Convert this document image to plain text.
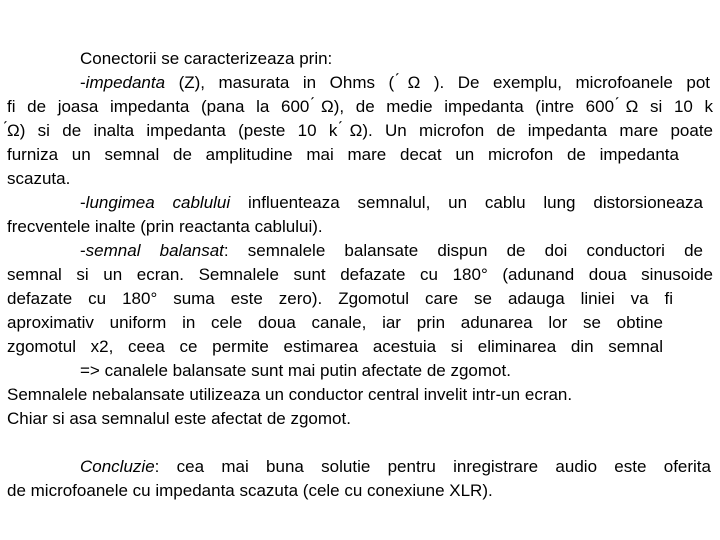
Conectorii se caracterizeaza prin:
-impedanta (Z), masurata in Ohms ( ́Ω ). De exemplu, microfoanele pot
fi de joasa impedanta (pana la 600 ́Ω), de medie impedanta (intre 600 ́Ω si 10 k
́Ω) si de inalta impedanta (peste 10 k ́Ω). Un microfon de impedanta mare poate
furniza un semnal de amplitudine mai mare decat un microfon de impedanta
scazuta.
-lungimea cablului influenteaza semnalul, un cablu lung distorsioneaza
frecventele inalte (prin reactanta cablului).
-semnal balansat: semnalele balansate dispun de doi conductori de
semnal si un ecran. Semnalele sunt defazate cu 180° (adunand doua sinusoide
defazate cu 180° suma este zero). Zgomotul care se adauga liniei va fi
aproximativ uniform in cele doua canale, iar prin adunarea lor se obtine
zgomotul x2, ceea ce permite estimarea acestuia si eliminarea din semnal
=> canalele balansate sunt mai putin afectate de zgomot.
Semnalele nebalansate utilizeaza un conductor central invelit intr-un ecran.
Chiar si asa semnalul este afectat de zgomot.
Concluzie: cea mai buna solutie pentru inregistrare audio este oferita
de microfoanele cu impedanta scazuta (cele cu conexiune XLR).
